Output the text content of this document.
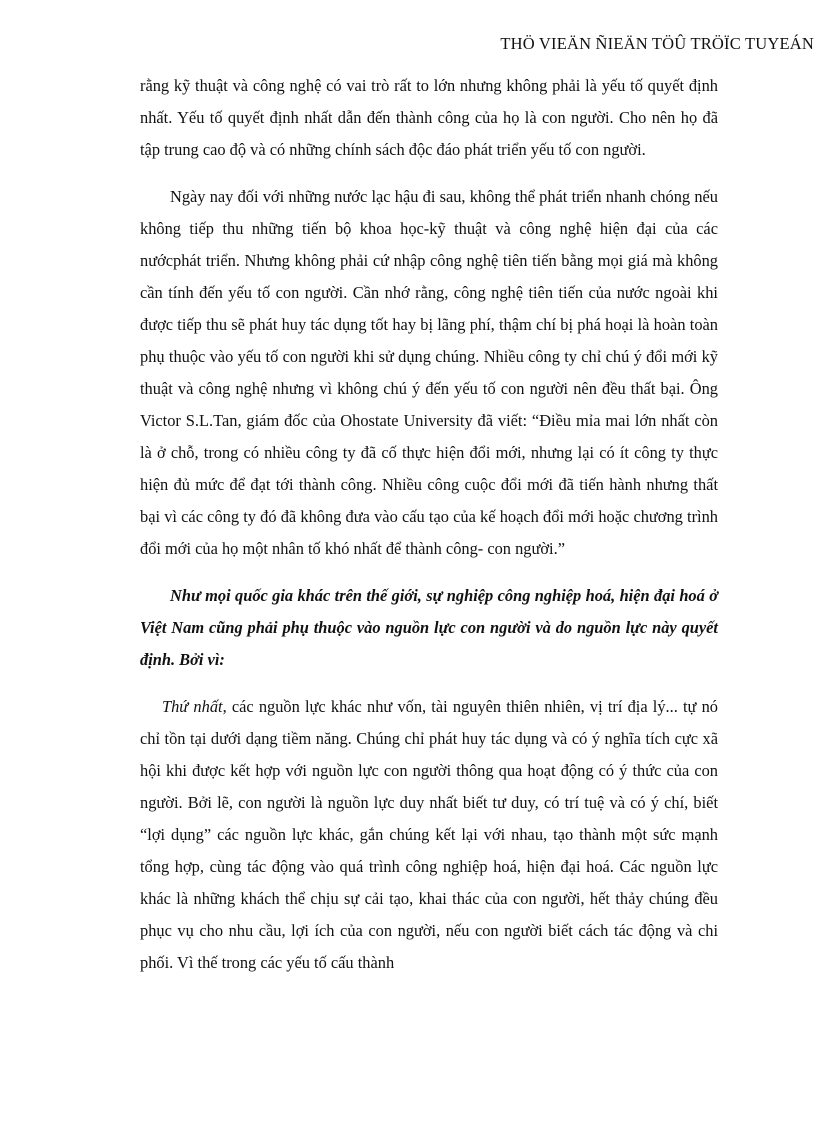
THÖ VIEÄN ÑIEÄN TÖÛ TRÖÏC TUYEÁN

rằng kỹ thuật và công nghệ có vai trò rất to lớn nhưng không phải là yếu tố quyết định nhất. Yếu tố quyết định nhất dẫn đến thành công của họ là con người. Cho nên họ đã tập trung cao độ và có những chính sách độc đáo phát triển yếu tố con người.

Ngày nay đối với những nước lạc hậu đi sau, không thể phát triển nhanh chóng nếu không tiếp thu những tiến bộ khoa học-kỹ thuật và công nghệ hiện đại của các nướcphát triển. Nhưng không phải cứ nhập công nghệ tiên tiến bằng mọi giá mà không cần tính đến yếu tố con người. Cần nhớ rằng, công nghệ tiên tiến của nước ngoài khi được tiếp thu sẽ phát huy tác dụng tốt hay bị lãng phí, thậm chí bị phá hoại là hoàn toàn phụ thuộc vào yếu tố con người khi sử dụng chúng. Nhiều công ty chỉ chú ý đổi mới kỹ thuật và công nghệ nhưng vì không chú ý đến yếu tố con người nên đều thất bại. Ông Victor S.L.Tan, giám đốc của Ohostate University đã viết: “Điều mỉa mai lớn nhất còn là ở chỗ, trong có nhiều công ty đã cố thực hiện đổi mới, nhưng lại có ít công ty thực hiện đủ mức để đạt tới thành công. Nhiều công cuộc đổi mới đã tiến hành nhưng thất bại vì các công ty đó đã không đưa vào cấu tạo của kế hoạch đổi mới hoặc chương trình đổi mới của họ một nhân tố khó nhất để thành công- con người.”

Như mọi quốc gia khác trên thế giới, sự nghiệp công nghiệp hoá, hiện đại hoá ở Việt Nam cũng phải phụ thuộc vào nguồn lực con người và do nguồn lực này quyết định. Bởi vì:

Thứ nhất, các nguồn lực khác như vốn, tài nguyên thiên nhiên, vị trí địa lý... tự nó chỉ tồn tại dưới dạng tiềm năng. Chúng chỉ phát huy tác dụng và có ý nghĩa tích cực xã hội khi được kết hợp với nguồn lực con người thông qua hoạt động có ý thức của con người. Bởi lẽ, con người là nguồn lực duy nhất biết tư duy, có trí tuệ và có ý chí, biết “lợi dụng” các nguồn lực khác, gắn chúng kết lại với nhau, tạo thành một sức mạnh tổng hợp, cùng tác động vào quá trình công nghiệp hoá, hiện đại hoá. Các nguồn lực khác là những khách thể chịu sự cải tạo, khai thác của con người, hết thảy chúng đều phục vụ cho nhu cầu, lợi ích của con người, nếu con người biết cách tác động và chi phối. Vì thế trong các yếu tố cấu thành
